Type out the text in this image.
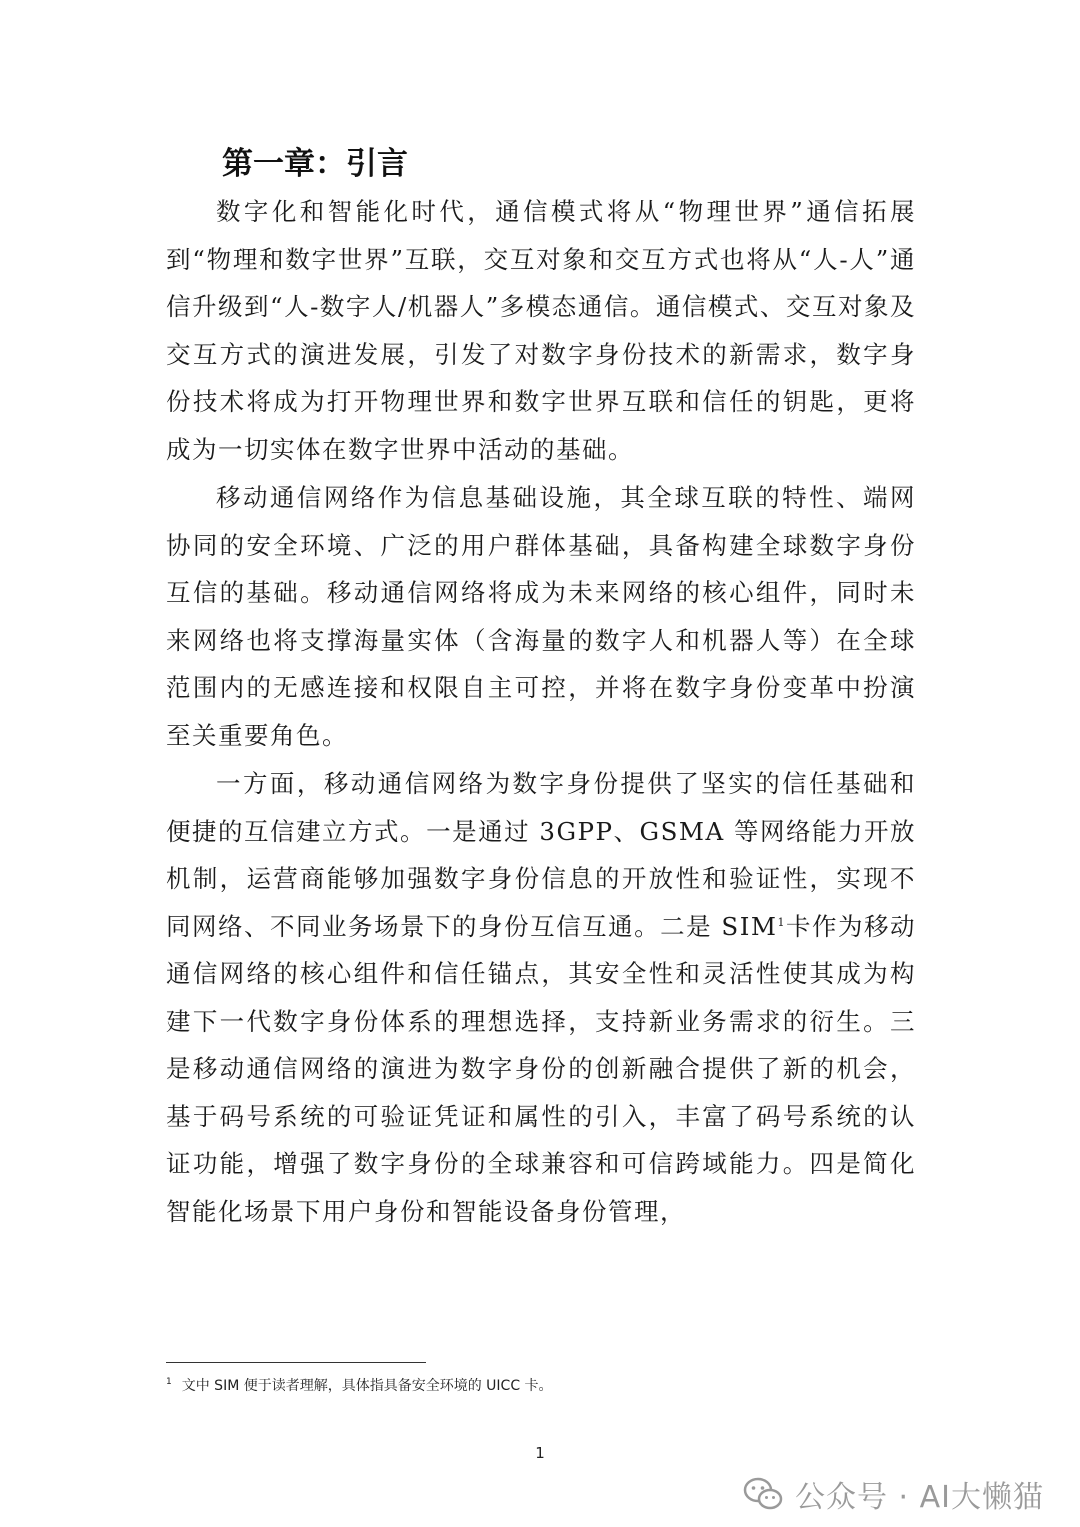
第一章：引言

数字化和智能化时代，通信模式将从“物理世界”通信拓展到“物理和数字世界”互联，交互对象和交互方式也将从“人-人”通信升级到“人-数字人/机器人”多模态通信。通信模式、交互对象及交互方式的演进发展，引发了对数字身份技术的新需求，数字身份技术将成为打开物理世界和数字世界互联和信任的钥匙，更将成为一切实体在数字世界中活动的基础。

移动通信网络作为信息基础设施，其全球互联的特性、端网协同的安全环境、广泛的用户群体基础，具备构建全球数字身份互信的基础。移动通信网络将成为未来网络的核心组件，同时未来网络也将支撑海量实体（含海量的数字人和机器人等）在全球范围内的无感连接和权限自主可控，并将在数字身份变革中扮演至关重要角色。

一方面，移动通信网络为数字身份提供了坚实的信任基础和便捷的互信建立方式。一是通过 3GPP、GSMA 等网络能力开放机制，运营商能够加强数字身份信息的开放性和验证性，实现不同网络、不同业务场景下的身份互信互通。二是 SIM$^1$卡作为移动通信网络的核心组件和信任锚点，其安全性和灵活性使其成为构建下一代数字身份体系的理想选择，支持新业务需求的衍生。三是移动通信网络的演进为数字身份的创新融合提供了新的机会，基于码号系统的可验证凭证和属性的引入，丰富了码号系统的认证功能，增强了数字身份的全球兼容和可信跨域能力。四是简化智能化场景下用户身份和智能设备身份管理，

$^1$ 文中 SIM 便于读者理解，具体指具备安全环境的 UICC 卡。
1
公众号 · AI大懒猫
